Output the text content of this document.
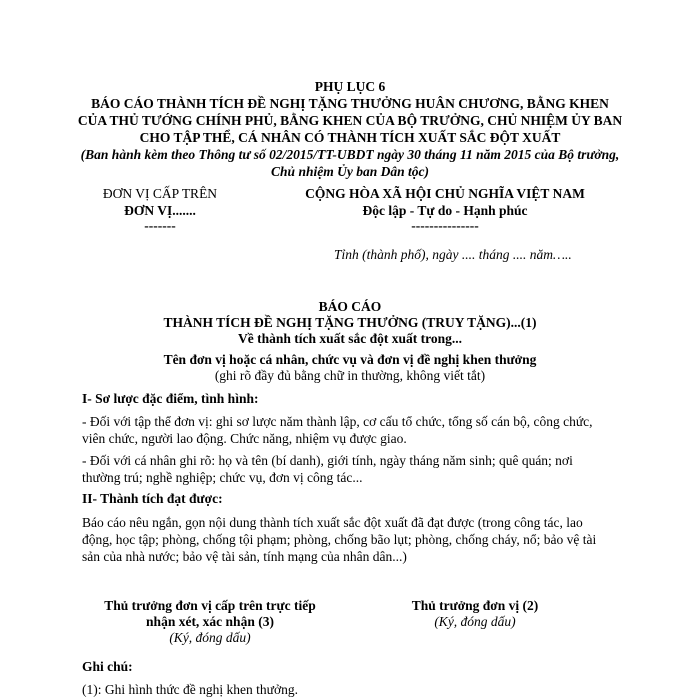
PHỤ LỤC 6
BÁO CÁO THÀNH TÍCH ĐỀ NGHỊ TẶNG THƯỞNG HUÂN CHƯƠNG, BẰNG KHEN
CỦA THỦ TƯỚNG CHÍNH PHỦ, BẰNG KHEN CỦA BỘ TRƯỞNG, CHỦ NHIỆM ỦY BAN
CHO TẬP THỂ, CÁ NHÂN CÓ THÀNH TÍCH XUẤT SẮC ĐỘT XUẤT
(Ban hành kèm theo Thông tư số 02/2015/TT-UBDT ngày 30 tháng 11 năm 2015 của Bộ trưởng,
Chủ nhiệm Ủy ban Dân tộc)
ĐƠN VỊ CẤP TRÊN
ĐƠN VỊ.......
-------
CỘNG HÒA XÃ HỘI CHỦ NGHĨA VIỆT NAM
Độc lập - Tự do - Hạnh phúc
---------------
Tỉnh (thành phố), ngày .... tháng .... năm…..
BÁO CÁO
THÀNH TÍCH ĐỀ NGHỊ TẶNG THƯỞNG (TRUY TẶNG)...(1)
Về thành tích xuất sắc đột xuất trong...
Tên đơn vị hoặc cá nhân, chức vụ và đơn vị đề nghị khen thưởng
(ghi rõ đầy đủ bằng chữ in thường, không viết tắt)
I- Sơ lược đặc điểm, tình hình:
- Đối với tập thể đơn vị: ghi sơ lược năm thành lập, cơ cấu tổ chức, tổng số cán bộ, công chức,
viên chức, người lao động. Chức năng, nhiệm vụ được giao.
- Đối với cá nhân ghi rõ: họ và tên (bí danh), giới tính, ngày tháng năm sinh; quê quán; nơi
thường trú; nghề nghiệp; chức vụ, đơn vị công tác...
II- Thành tích đạt được:
Báo cáo nêu ngắn, gọn nội dung thành tích xuất sắc đột xuất đã đạt được (trong công tác, lao
động, học tập; phòng, chống tội phạm; phòng, chống bão lụt; phòng, chống cháy, nổ; bảo vệ tài
sản của nhà nước; bảo vệ tài sản, tính mạng của nhân dân...)
Thủ trưởng đơn vị cấp trên trực tiếp
nhận xét, xác nhận (3)
(Ký, đóng dấu)
Thủ trưởng đơn vị (2)
(Ký, đóng dấu)
Ghi chú:
(1): Ghi hình thức đề nghị khen thưởng.
